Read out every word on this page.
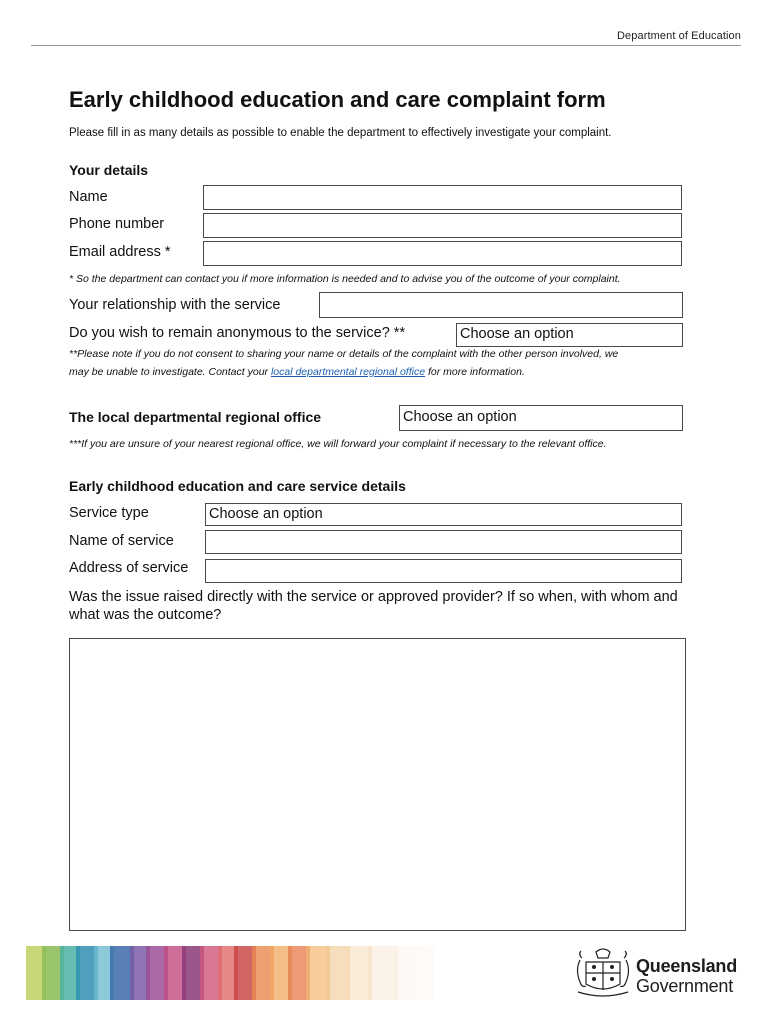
Department of Education
Early childhood education and care complaint form
Please fill in as many details as possible to enable the department to effectively investigate your complaint.
Your details
Name
Phone number
Email address *
* So the department can contact you if more information is needed and to advise you of the outcome of your complaint.
Your relationship with the service
Do you wish to remain anonymous to the service? **	Choose an option
**Please note if you do not consent to sharing your name or details of the complaint with the other person involved, we
may be unable to investigate. Contact your local departmental regional office for more information.
The local departmental regional office	Choose an option
***If you are unsure of your nearest regional office, we will forward your complaint if necessary to the relevant office.
Early childhood education and care service details
Service type	Choose an option
Name of service
Address of service
Was the issue raised directly with the service or approved provider? If so when, with whom and what was the outcome?
Queensland
Government
